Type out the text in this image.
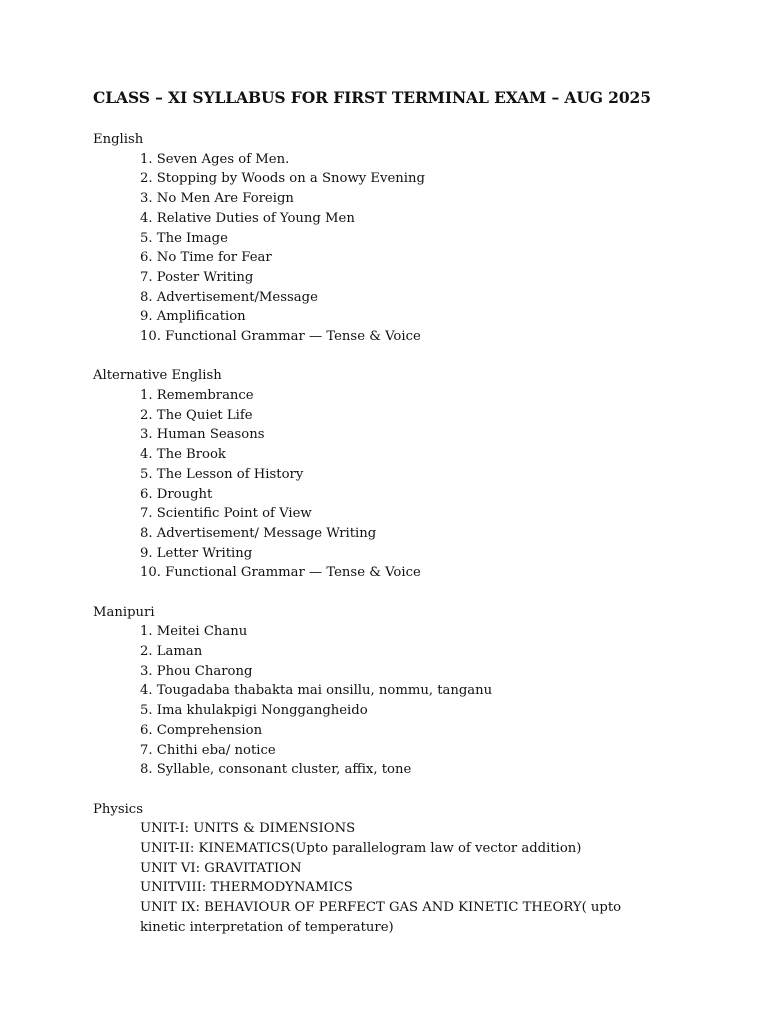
CLASS – XI SYLLABUS FOR FIRST TERMINAL EXAM – AUG 2025
English
1. Seven Ages of Men.
2. Stopping by Woods on a Snowy Evening
3. No Men Are Foreign
4. Relative Duties of Young Men
5. The Image
6. No Time for Fear
7. Poster Writing
8. Advertisement/Message
9. Amplification
10. Functional Grammar — Tense & Voice
Alternative English
1. Remembrance
2. The Quiet Life
3. Human Seasons
4. The Brook
5. The Lesson of History
6. Drought
7. Scientific Point of View
8. Advertisement/ Message Writing
9. Letter Writing
10. Functional Grammar — Tense & Voice
Manipuri
1. Meitei Chanu
2. Laman
3. Phou Charong
4. Tougadaba thabakta mai onsillu, nommu, tanganu
5. Ima khulakpigi Nonggangheido
6. Comprehension
7. Chithi eba/ notice
8. Syllable, consonant cluster, affix, tone
Physics
UNIT-I: UNITS & DIMENSIONS
UNIT-II: KINEMATICS(Upto parallelogram law of vector addition)
UNIT VI: GRAVITATION
UNITVIII: THERMODYNAMICS
UNIT IX: BEHAVIOUR OF PERFECT GAS AND KINETIC THEORY( upto kinetic interpretation of temperature)
